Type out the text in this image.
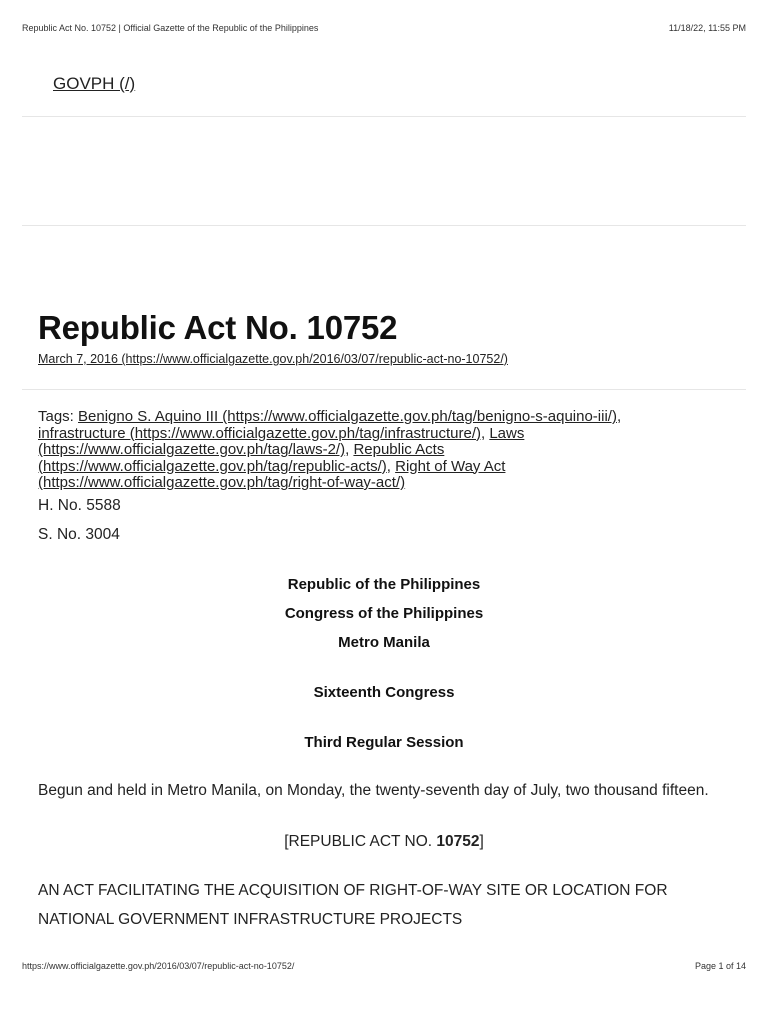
Republic Act No. 10752 | Official Gazette of the Republic of the Philippines	11/18/22, 11:55 PM
GOVPH (/)
Republic Act No. 10752
March 7, 2016 (https://www.officialgazette.gov.ph/2016/03/07/republic-act-no-10752/)
Tags: Benigno S. Aquino III (https://www.officialgazette.gov.ph/tag/benigno-s-aquino-iii/), infrastructure (https://www.officialgazette.gov.ph/tag/infrastructure/), Laws (https://www.officialgazette.gov.ph/tag/laws-2/), Republic Acts (https://www.officialgazette.gov.ph/tag/republic-acts/), Right of Way Act (https://www.officialgazette.gov.ph/tag/right-of-way-act/)
H. No. 5588
S. No. 3004
Republic of the Philippines
Congress of the Philippines
Metro Manila
Sixteenth Congress
Third Regular Session
Begun and held in Metro Manila, on Monday, the twenty-seventh day of July, two thousand fifteen.
[REPUBLIC ACT NO. 10752]
AN ACT FACILITATING THE ACQUISITION OF RIGHT-OF-WAY SITE OR LOCATION FOR NATIONAL GOVERNMENT INFRASTRUCTURE PROJECTS
https://www.officialgazette.gov.ph/2016/03/07/republic-act-no-10752/	Page 1 of 14
